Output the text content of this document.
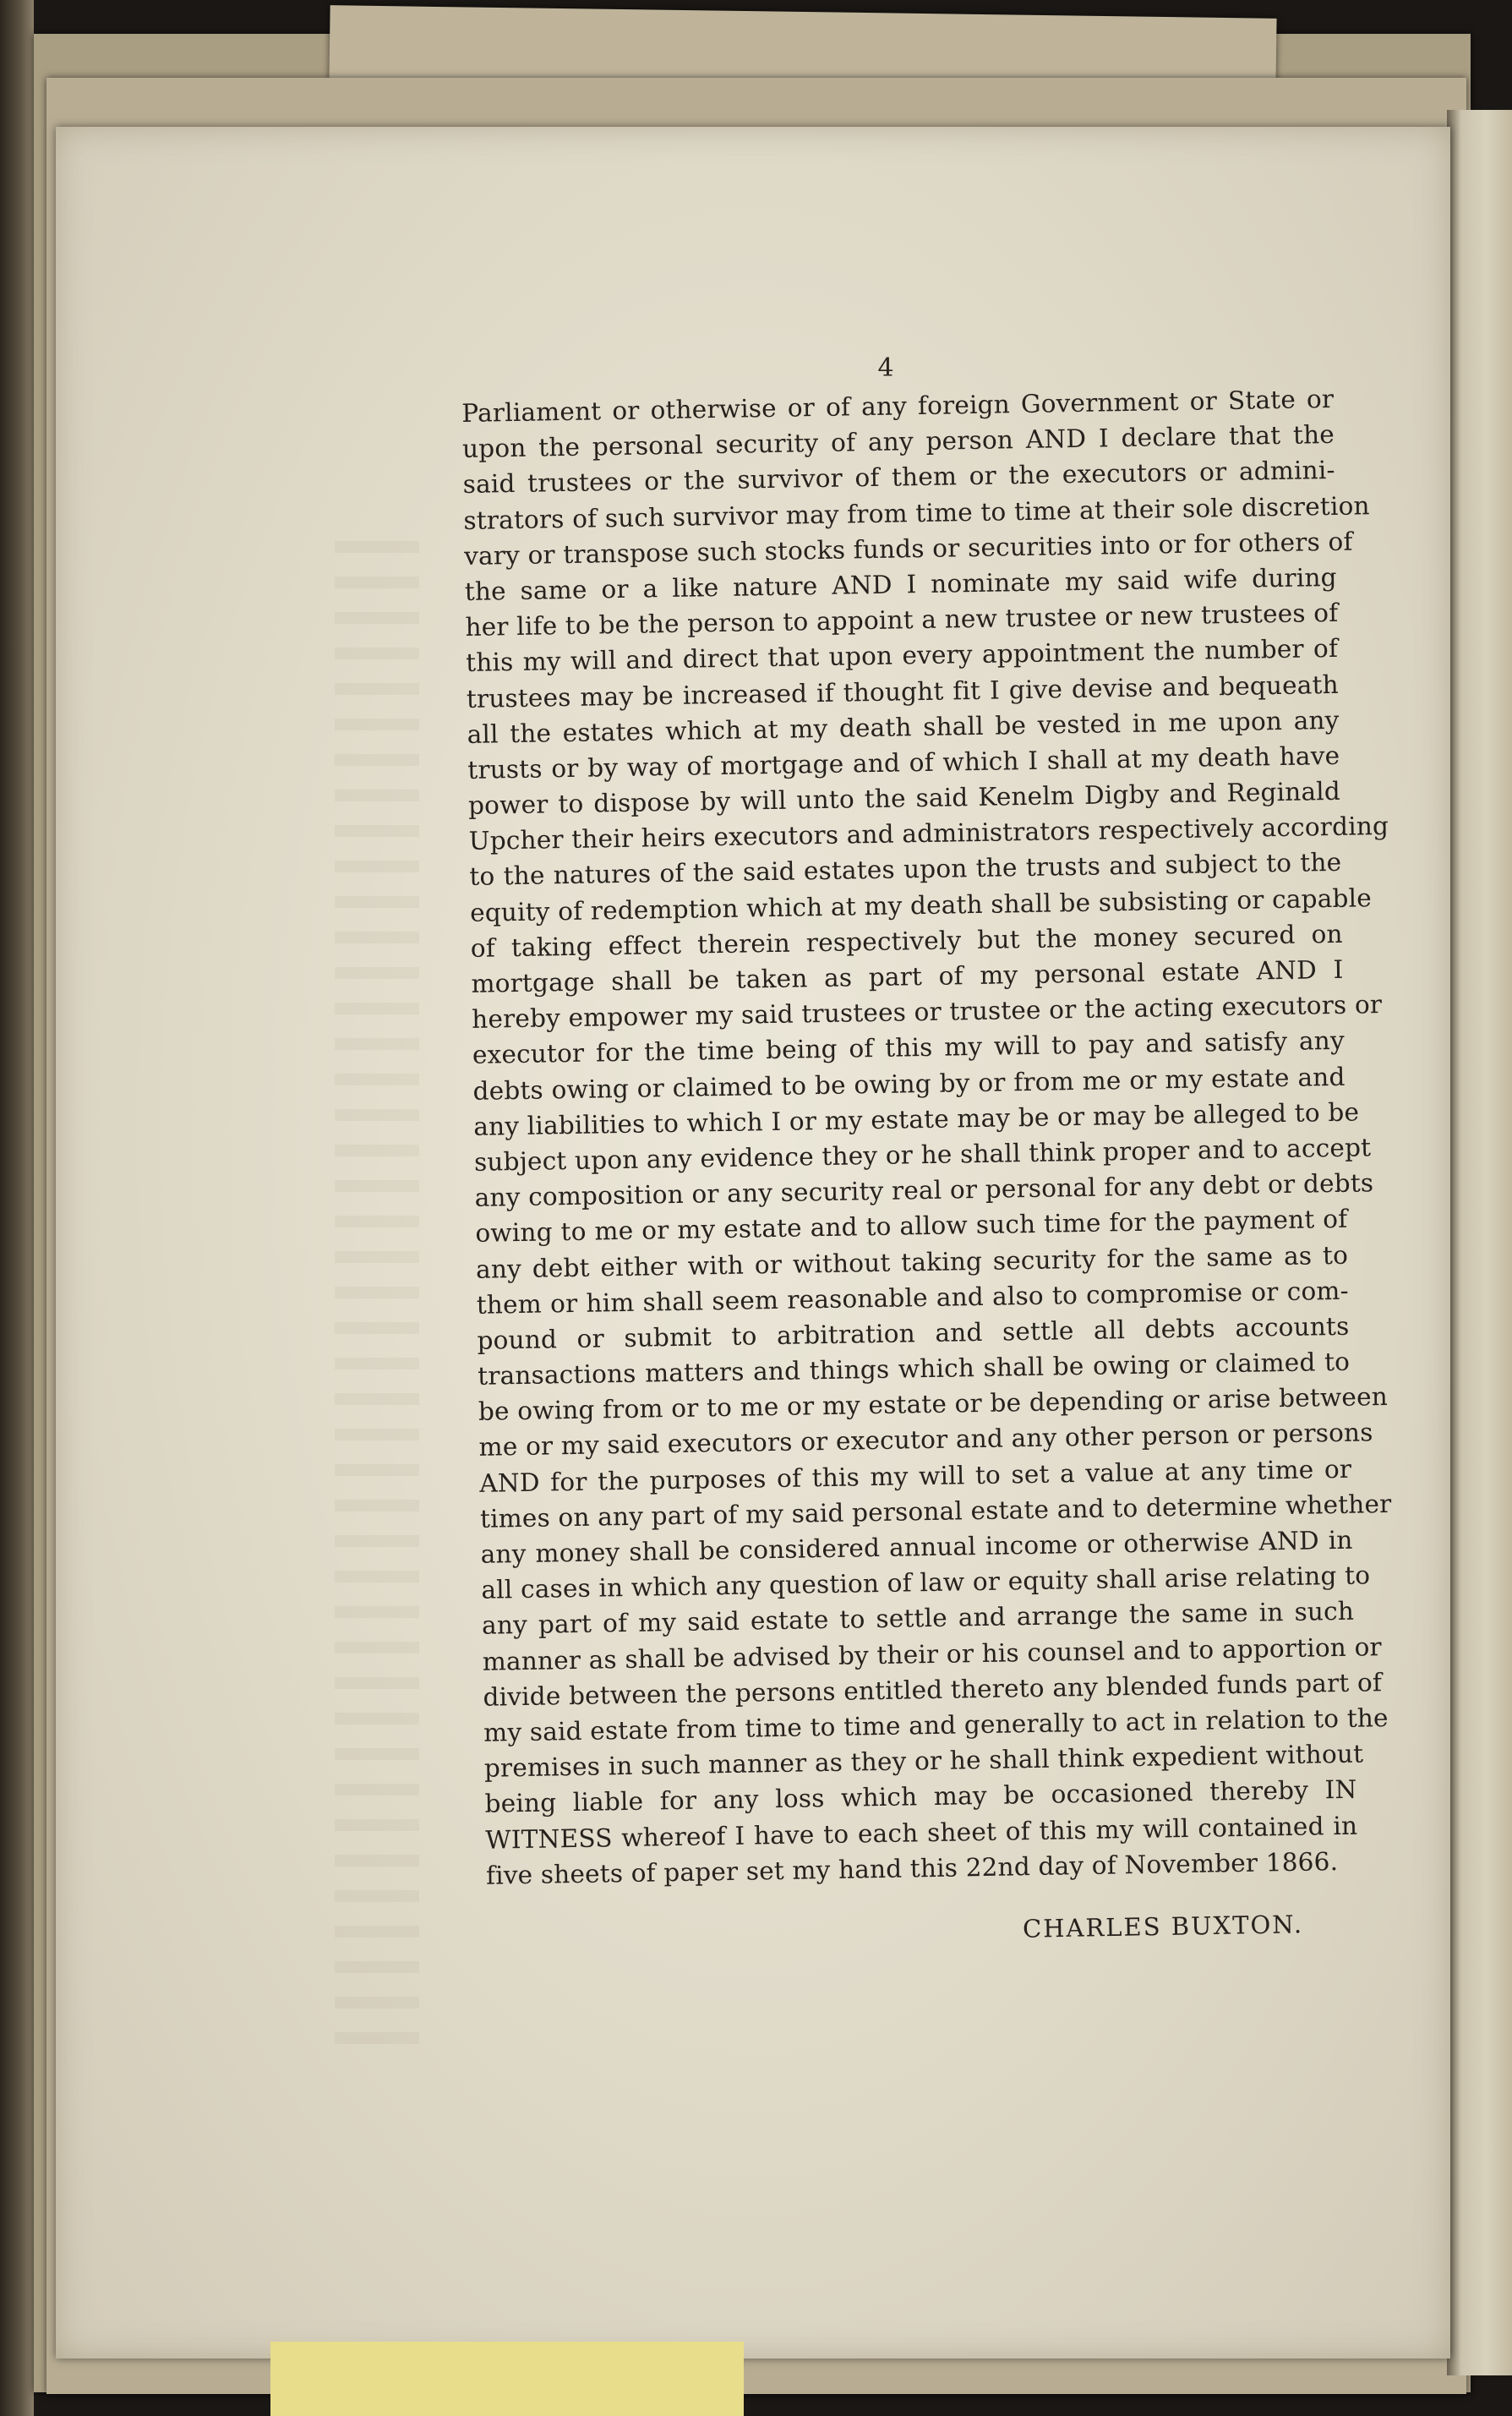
4
Parliament or otherwise or of any foreign Government or State or
upon the personal security of any person AND I declare that the
said trustees or the survivor of them or the executors or admini-
strators of such survivor may from time to time at their sole discretion
vary or transpose such stocks funds or securities into or for others of
the same or a like nature AND I nominate my said wife during
her life to be the person to appoint a new trustee or new trustees of
this my will and direct that upon every appointment the number of
trustees may be increased if thought fit I give devise and bequeath
all the estates which at my death shall be vested in me upon any
trusts or by way of mortgage and of which I shall at my death have
power to dispose by will unto the said Kenelm Digby and Reginald
Upcher their heirs executors and administrators respectively according
to the natures of the said estates upon the trusts and subject to the
equity of redemption which at my death shall be subsisting or capable
of taking effect therein respectively but the money secured on
mortgage shall be taken as part of my personal estate AND I
hereby empower my said trustees or trustee or the acting executors or
executor for the time being of this my will to pay and satisfy any
debts owing or claimed to be owing by or from me or my estate and
any liabilities to which I or my estate may be or may be alleged to be
subject upon any evidence they or he shall think proper and to accept
any composition or any security real or personal for any debt or debts
owing to me or my estate and to allow such time for the payment of
any debt either with or without taking security for the same as to
them or him shall seem reasonable and also to compromise or com-
pound or submit to arbitration and settle all debts accounts
transactions matters and things which shall be owing or claimed to
be owing from or to me or my estate or be depending or arise between
me or my said executors or executor and any other person or persons
AND for the purposes of this my will to set a value at any time or
times on any part of my said personal estate and to determine whether
any money shall be considered annual income or otherwise AND in
all cases in which any question of law or equity shall arise relating to
any part of my said estate to settle and arrange the same in such
manner as shall be advised by their or his counsel and to apportion or
divide between the persons entitled thereto any blended funds part of
my said estate from time to time and generally to act in relation to the
premises in such manner as they or he shall think expedient without
being liable for any loss which may be occasioned thereby IN
WITNESS whereof I have to each sheet of this my will contained in
five sheets of paper set my hand this 22nd day of November 1866.
CHARLES BUXTON.
